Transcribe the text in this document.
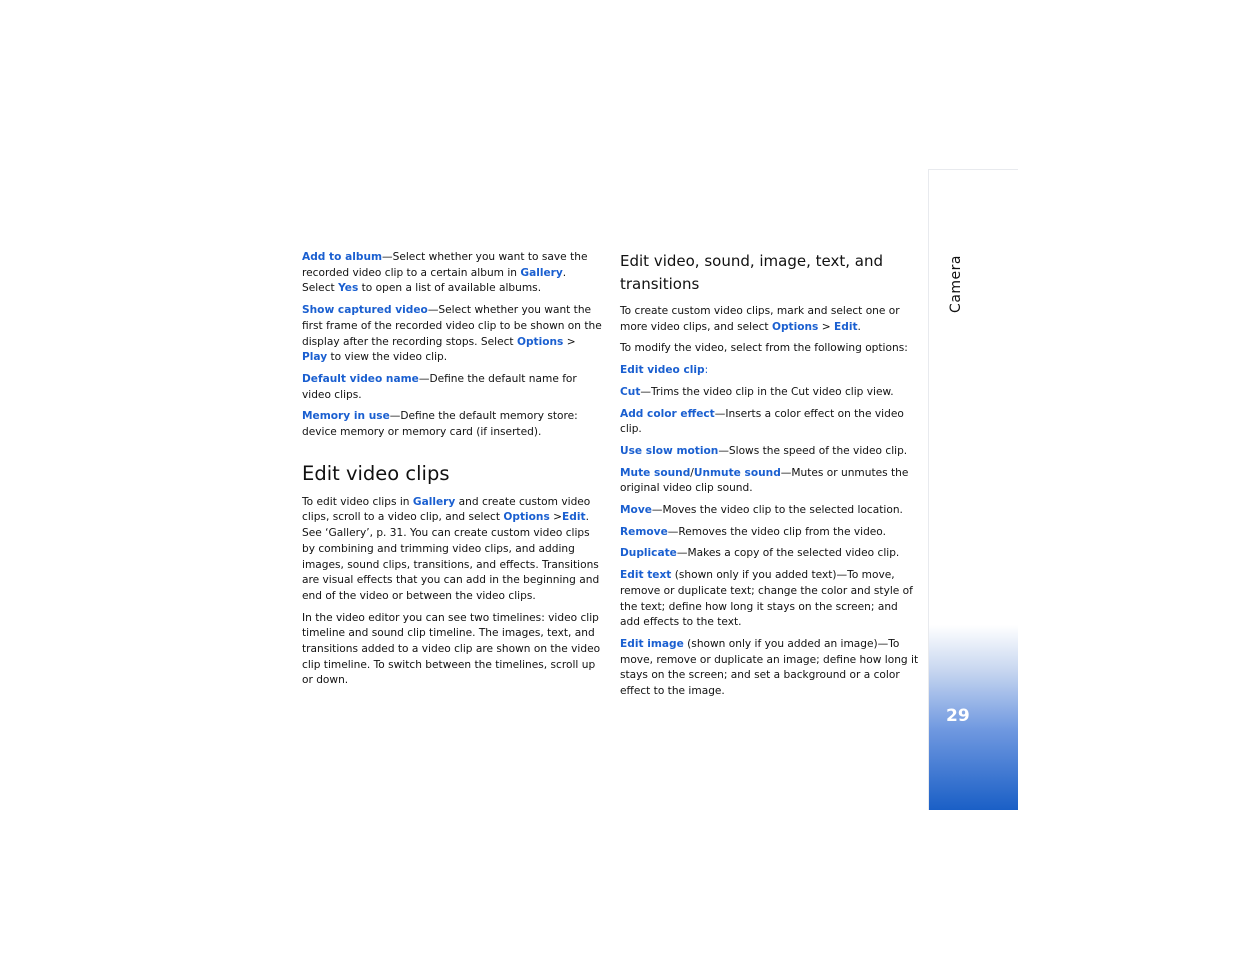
Camera
29

Add to album—Select whether you want to save the recorded video clip to a certain album in Gallery. Select Yes to open a list of available albums.

Show captured video—Select whether you want the first frame of the recorded video clip to be shown on the display after the recording stops. Select Options > Play to view the video clip.

Default video name—Define the default name for video clips.

Memory in use—Define the default memory store: device memory or memory card (if inserted).

Edit video clips

To edit video clips in Gallery and create custom video clips, scroll to a video clip, and select Options >Edit. See ‘Gallery’, p. 31. You can create custom video clips by combining and trimming video clips, and adding images, sound clips, transitions, and effects. Transitions are visual effects that you can add in the beginning and end of the video or between the video clips.

In the video editor you can see two timelines: video clip timeline and sound clip timeline. The images, text, and transitions added to a video clip are shown on the video clip timeline. To switch between the timelines, scroll up or down.

Edit video, sound, image, text, and transitions

To create custom video clips, mark and select one or more video clips, and select Options > Edit.

To modify the video, select from the following options:

Edit video clip:

Cut—Trims the video clip in the Cut video clip view.

Add color effect—Inserts a color effect on the video clip.

Use slow motion—Slows the speed of the video clip.

Mute sound/Unmute sound—Mutes or unmutes the original video clip sound.

Move—Moves the video clip to the selected location.

Remove—Removes the video clip from the video.

Duplicate—Makes a copy of the selected video clip.

Edit text (shown only if you added text)—To move, remove or duplicate text; change the color and style of the text; define how long it stays on the screen; and add effects to the text.

Edit image (shown only if you added an image)—To move, remove or duplicate an image; define how long it stays on the screen; and set a background or a color effect to the image.
